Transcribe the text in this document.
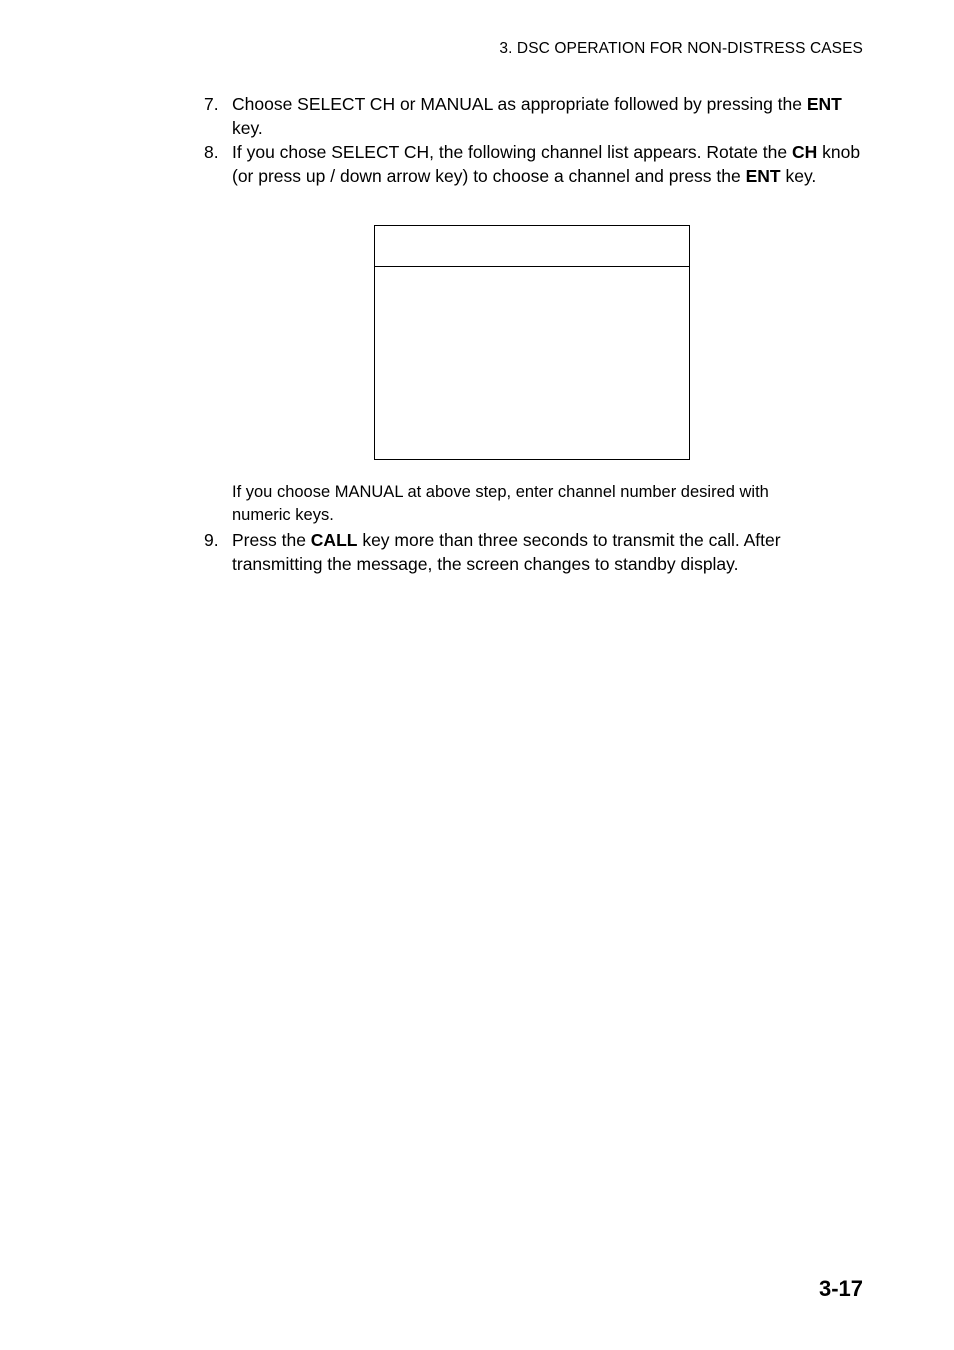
3. DSC OPERATION FOR NON-DISTRESS CASES
7. Choose SELECT CH or MANUAL as appropriate followed by pressing the ENT key.
8. If you chose SELECT CH, the following channel list appears. Rotate the CH knob (or press up / down arrow key) to choose a channel and press the ENT key.
If you choose MANUAL at above step, enter channel number desired with numeric keys.
9. Press the CALL key more than three seconds to transmit the call. After transmitting the message, the screen changes to standby display.
3-17
